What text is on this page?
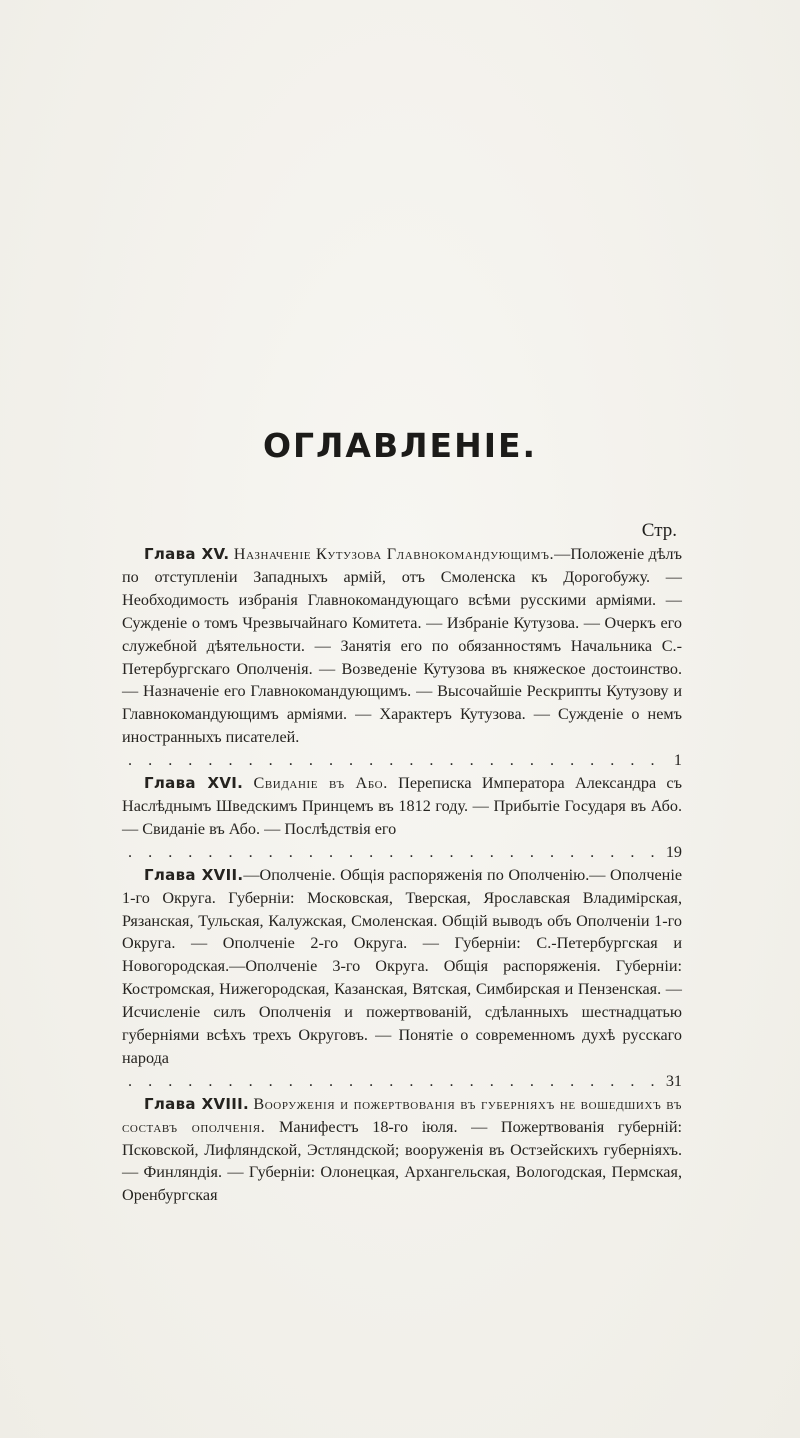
ОГЛАВЛЕНІЕ.
Стр.
Глава XV. Назначеніе Кутузова Главнокомандующимъ.—Положеніе дѣлъ по отступленіи Западныхъ армій, отъ Смоленска къ Дорогобужу. — Необходимость избранія Главнокомандующаго всѣми русскими арміями. — Сужденіе о томъ Чрезвычайнаго Комитета. — Избраніе Кутузова. — Очеркъ его служебной дѣятельности. — Занятія его по обязанностямъ Начальника С.-Петербургскаго Ополченія. — Возведеніе Кутузова въ княжеское достоинство. — Назначеніе его Главнокомандующимъ. — Высочайшіе Рескрипты Кутузову и Главнокомандующимъ арміями. — Характеръ Кутузова. — Сужденіе о немъ иностранныхъ писателей.
. . .
1
Глава XVI. Свиданіе въ Або. Переписка Императора Александра съ Наслѣднымъ Шведскимъ Принцемъ въ 1812 году. — Прибытіе Государя въ Або. — Свиданіе въ Або. — Послѣдствія его
. . .
19
Глава XVII.—Ополченіе. Общія распоряженія по Ополченію.— Ополченіе 1-го Округа. Губерніи: Московская, Тверская, Ярославская Владимірская, Рязанская, Тульская, Калужская, Смоленская. Общій выводъ объ Ополченіи 1-го Округа. — Ополченіе 2-го Округа. — Губерніи: С.-Петербургская и Новогородская.—Ополченіе 3-го Округа. Общія распоряженія. Губерніи: Костромская, Нижегородская, Казанская, Вятская, Симбирская и Пензенская. — Исчисленіе силъ Ополченія и пожертвованій, сдѣланныхъ шестнадцатью губерніями всѣхъ трехъ Округовъ. — Понятіе о современномъ духѣ русскаго народа
. . .
31
Глава XVIII. Вооруженія и пожертвованія въ губерніяхъ не вошедшихъ въ составъ ополченія. Манифестъ 18-го іюля. — Пожертвованія губерній: Псковской, Лифляндской, Эстляндской; вооруженія въ Остзейскихъ губерніяхъ. — Финляндія. — Губерніи: Олонецкая, Архангельская, Вологодская, Пермская, Оренбургская
